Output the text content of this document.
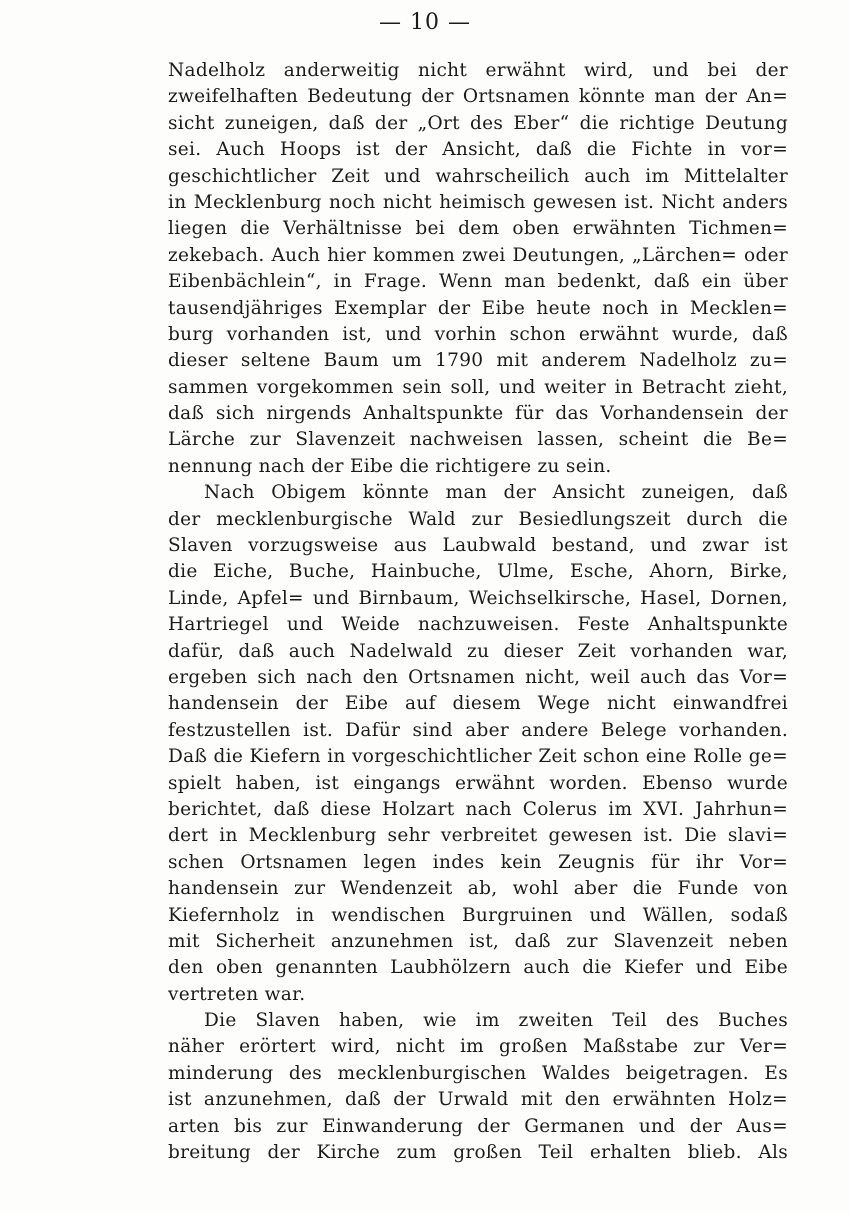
— 10 —
Nadelholz anderweitig nicht erwähnt wird, und bei der
zweifelhaften Bedeutung der Ortsnamen könnte man der An=
sicht zuneigen, daß der „Ort des Eber“ die richtige Deutung
sei. Auch Hoops ist der Ansicht, daß die Fichte in vor=
geschichtlicher Zeit und wahrscheilich auch im Mittelalter
in Mecklenburg noch nicht heimisch gewesen ist. Nicht anders
liegen die Verhältnisse bei dem oben erwähnten Tichmen=
zekebach. Auch hier kommen zwei Deutungen, „Lärchen= oder
Eibenbächlein“, in Frage. Wenn man bedenkt, daß ein über
tausendjähriges Exemplar der Eibe heute noch in Mecklen=
burg vorhanden ist, und vorhin schon erwähnt wurde, daß
dieser seltene Baum um 1790 mit anderem Nadelholz zu=
sammen vorgekommen sein soll, und weiter in Betracht zieht,
daß sich nirgends Anhaltspunkte für das Vorhandensein der
Lärche zur Slavenzeit nachweisen lassen, scheint die Be=
nennung nach der Eibe die richtigere zu sein.
Nach Obigem könnte man der Ansicht zuneigen, daß
der mecklenburgische Wald zur Besiedlungszeit durch die
Slaven vorzugsweise aus Laubwald bestand, und zwar ist
die Eiche, Buche, Hainbuche, Ulme, Esche, Ahorn, Birke,
Linde, Apfel= und Birnbaum, Weichselkirsche, Hasel, Dornen,
Hartriegel und Weide nachzuweisen. Feste Anhaltspunkte
dafür, daß auch Nadelwald zu dieser Zeit vorhanden war,
ergeben sich nach den Ortsnamen nicht, weil auch das Vor=
handensein der Eibe auf diesem Wege nicht einwandfrei
festzustellen ist. Dafür sind aber andere Belege vorhanden.
Daß die Kiefern in vorgeschichtlicher Zeit schon eine Rolle ge=
spielt haben, ist eingangs erwähnt worden. Ebenso wurde
berichtet, daß diese Holzart nach Colerus im XVI. Jahrhun=
dert in Mecklenburg sehr verbreitet gewesen ist. Die slavi=
schen Ortsnamen legen indes kein Zeugnis für ihr Vor=
handensein zur Wendenzeit ab, wohl aber die Funde von
Kiefernholz in wendischen Burgruinen und Wällen, sodaß
mit Sicherheit anzunehmen ist, daß zur Slavenzeit neben
den oben genannten Laubhölzern auch die Kiefer und Eibe
vertreten war.
Die Slaven haben, wie im zweiten Teil des Buches
näher erörtert wird, nicht im großen Maßstabe zur Ver=
minderung des mecklenburgischen Waldes beigetragen. Es
ist anzunehmen, daß der Urwald mit den erwähnten Holz=
arten bis zur Einwanderung der Germanen und der Aus=
breitung der Kirche zum großen Teil erhalten blieb. Als
